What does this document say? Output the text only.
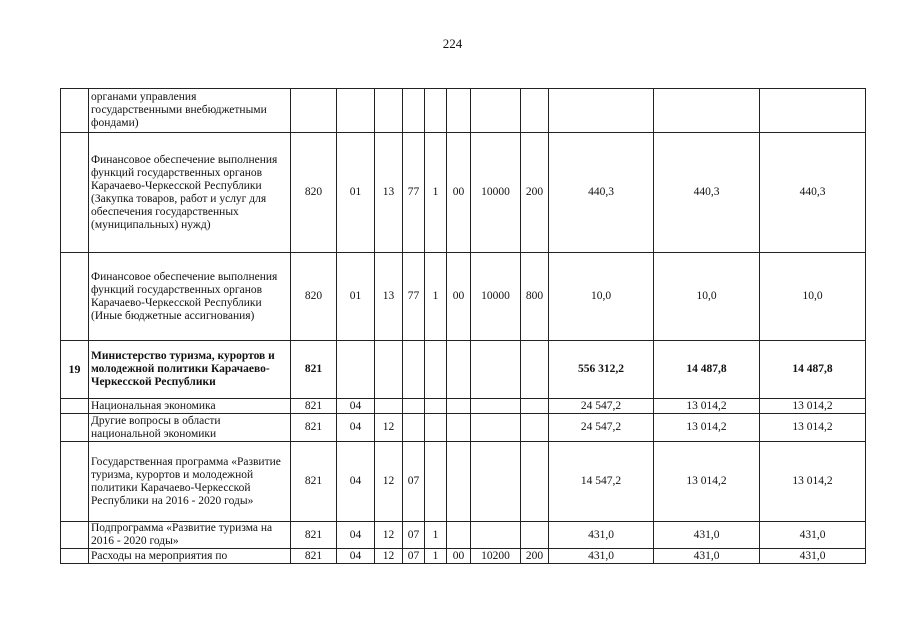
224
	органами управления государственными внебюджетными фондами)											
	Финансовое обеспечение выполнения функций государственных органов Карачаево-Черкесской Республики (Закупка товаров, работ и услуг для обеспечения государственных (муниципальных) нужд)	820	01	13	77	1	00	10000	200	440,3	440,3	440,3
	Финансовое обеспечение выполнения функций государственных органов Карачаево-Черкесской Республики (Иные бюджетные ассигнования)	820	01	13	77	1	00	10000	800	10,0	10,0	10,0
19	Министерство туризма, курортов и молодежной политики Карачаево-Черкесской Республики	821								556 312,2	14 487,8	14 487,8
	Национальная экономика	821	04							24 547,2	13 014,2	13 014,2
	Другие вопросы в области национальной экономики	821	04	12						24 547,2	13 014,2	13 014,2
	Государственная программа «Развитие туризма, курортов и молодежной политики Карачаево-Черкесской Республики на 2016 - 2020 годы»	821	04	12	07					14 547,2	13 014,2	13 014,2
	Подпрограмма «Развитие туризма на 2016 - 2020 годы»	821	04	12	07	1				431,0	431,0	431,0
	Расходы на мероприятия по	821	04	12	07	1	00	10200	200	431,0	431,0	431,0
